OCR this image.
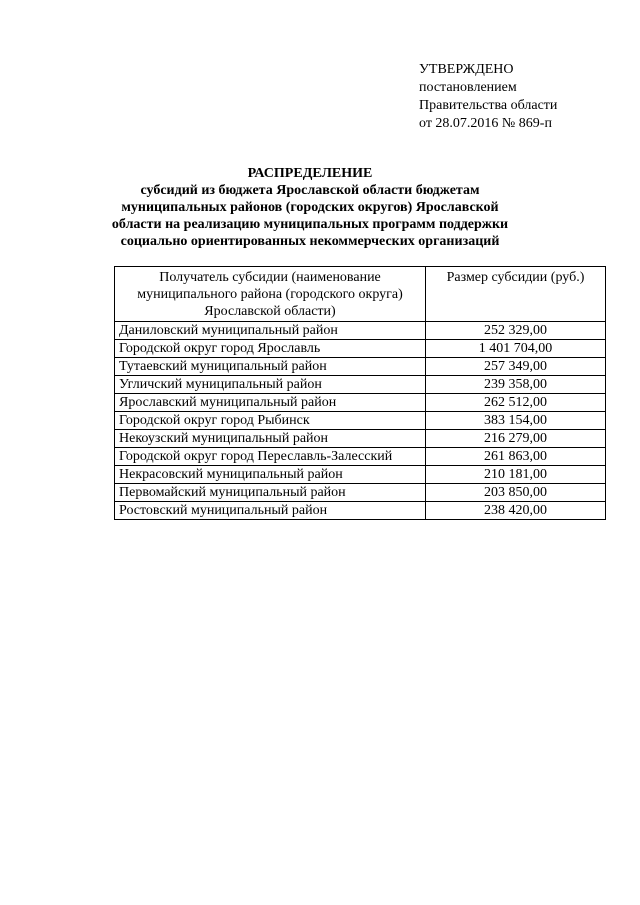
УТВЕРЖДЕНО
постановлением
Правительства области
от 28.07.2016 № 869-п
РАСПРЕДЕЛЕНИЕ
субсидий из бюджета Ярославской области бюджетам муниципальных районов (городских округов) Ярославской области на реализацию муниципальных программ поддержки социально ориентированных некоммерческих организаций
Получатель субсидии (наименование муниципального района (городского округа) Ярославской области)	Размер субсидии (руб.)
Даниловский муниципальный район	252 329,00
Городской округ город Ярославль	1 401 704,00
Тутаевский муниципальный район	257 349,00
Угличский муниципальный район	239 358,00
Ярославский муниципальный район	262 512,00
Городской округ город Рыбинск	383 154,00
Некоузский муниципальный район	216 279,00
Городской округ город Переславль-Залесский	261 863,00
Некрасовский муниципальный район	210 181,00
Первомайский муниципальный район	203 850,00
Ростовский муниципальный район	238 420,00
